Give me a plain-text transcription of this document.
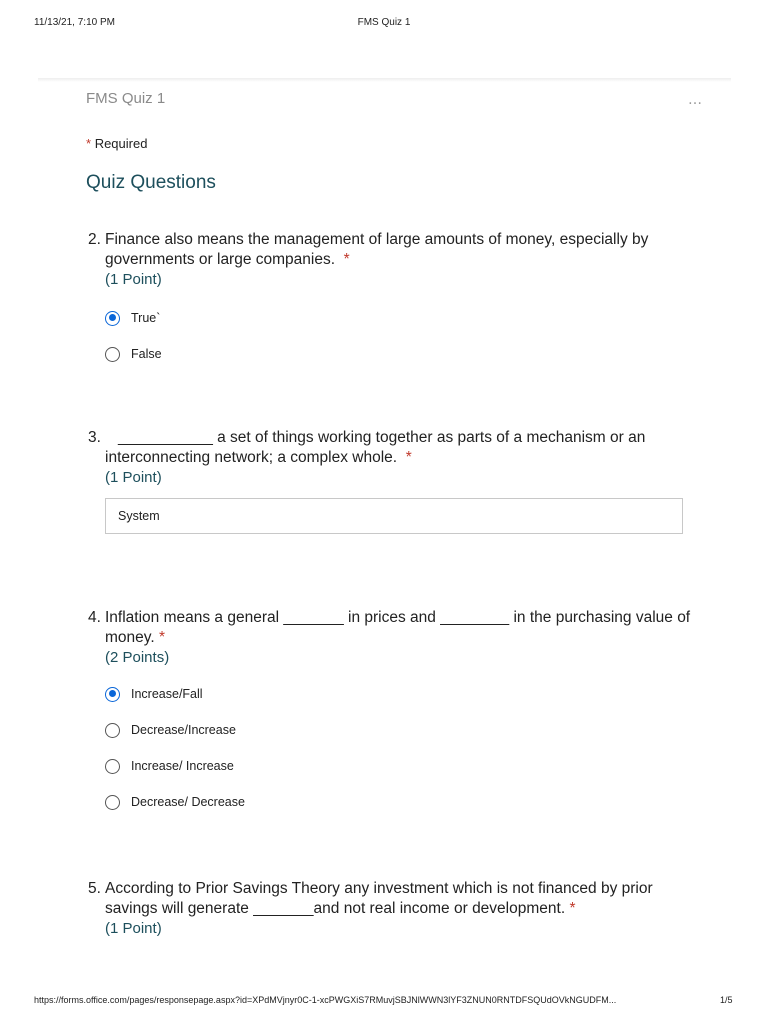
11/13/21, 7:10 PM	FMS Quiz 1
FMS Quiz 1	…
* Required
Quiz Questions
2. Finance also means the management of large amounts of money, especially by governments or large companies. *
(1 Point)
True`
False
3.	___________ a set of things working together as parts of a mechanism or an interconnecting network; a complex whole. *
(1 Point)
System
4. Inflation means a general _______ in prices and ________ in the purchasing value of money. *
(2 Points)
Increase/Fall
Decrease/Increase
Increase/ Increase
Decrease/ Decrease
5. According to Prior Savings Theory any investment which is not financed by prior savings will generate _______and not real income or development. *
(1 Point)
https://forms.office.com/pages/responsepage.aspx?id=XPdMVjnyr0C-1-xcPWGXiS7RMuvjSBJNlWWN3lYF3ZNUN0RNTDFSQUdOVkNGUDFM...	1/5
